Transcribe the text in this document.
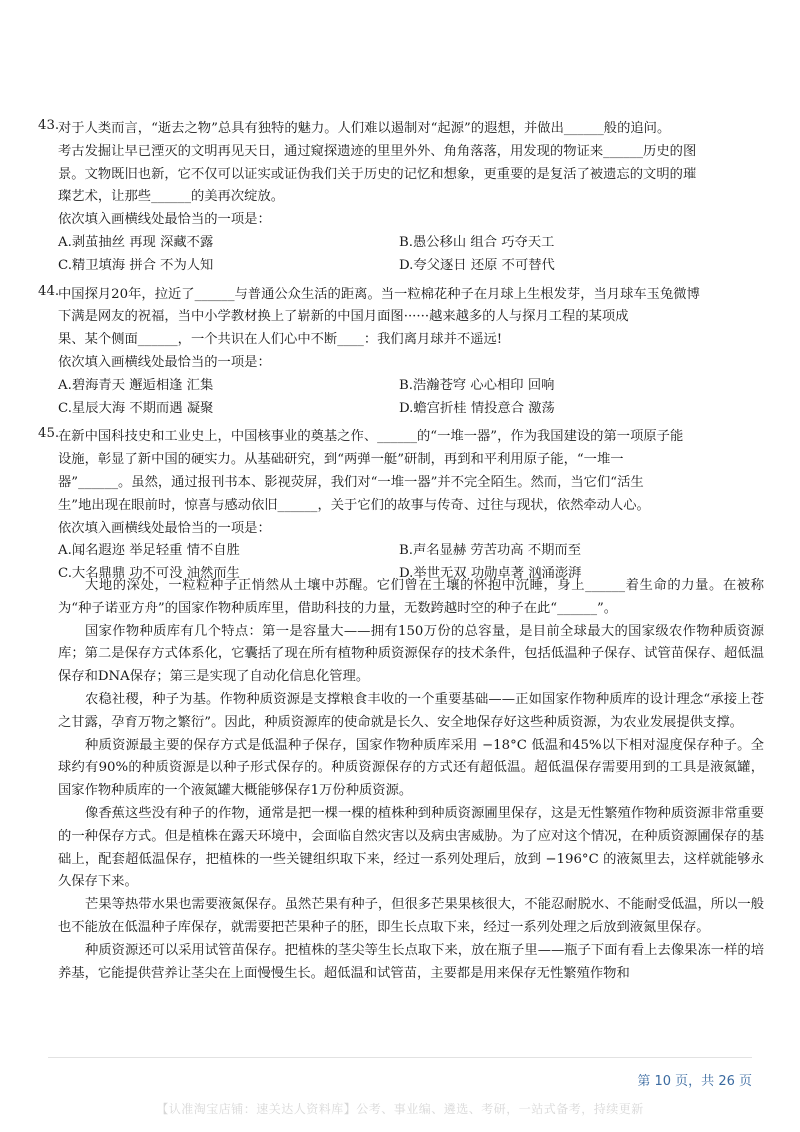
43.
对于人类而言，“逝去之物”总具有独特的魅力。人们难以遏制对“起源”的遐想，并做出______般的追问。
考古发掘让早已湮灭的文明再见天日，通过窥探遗迹的里里外外、角角落落，用发现的物证来______历史的图
景。文物既旧也新，它不仅可以证实或证伪我们关于历史的记忆和想象，更重要的是复活了被遗忘的文明的璀
璨艺术，让那些______的美再次绽放。
依次填入画横线处最恰当的一项是：
A.剥茧抽丝 再现 深藏不露	B.愚公移山 组合 巧夺天工
C.精卫填海 拼合 不为人知	D.夸父逐日 还原 不可替代
44.
中国探月20年，拉近了______与普通公众生活的距离。当一粒棉花种子在月球上生根发芽，当月球车玉兔微博
下满是网友的祝福，当中小学教材换上了崭新的中国月面图······越来越多的人与探月工程的某项成
果、某个侧面______，一个共识在人们心中不断____：我们离月球并不遥远!
依次填入画横线处最恰当的一项是：
A.碧海青天 邂逅相逢 汇集	B.浩瀚苍穹 心心相印 回响
C.星辰大海 不期而遇 凝聚	D.蟾宫折桂 情投意合 激荡
45.
在新中国科技史和工业史上，中国核事业的奠基之作、______的“一堆一器”，作为我国建设的第一项原子能
设施，彰显了新中国的硬实力。从基础研究，到“两弹一艇”研制，再到和平利用原子能，“一堆一
器”______。虽然，通过报刊书本、影视荧屏，我们对“一堆一器”并不完全陌生。然而，当它们“活生
生”地出现在眼前时，惊喜与感动依旧______，关于它们的故事与传奇、过往与现状，依然牵动人心。
依次填入画横线处最恰当的一项是：
A.闻名遐迩 举足轻重 情不自胜	B.声名显赫 劳苦功高 不期而至
C.大名鼎鼎 功不可没 油然而生	D.举世无双 功勋卓著 汹涌澎湃

大地的深处，一粒粒种子正悄然从土壤中苏醒。它们曾在土壤的怀抱中沉睡，身上______着生命的力量。在被称为“种子诺亚方舟”的国家作物种质库里，借助科技的力量，无数跨越时空的种子在此“______”。

国家作物种质库有几个特点：第一是容量大——拥有150万份的总容量，是目前全球最大的国家级农作物种质资源库；第二是保存方式体系化，它囊括了现在所有植物种质资源保存的技术条件，包括低温种子保存、试管苗保存、超低温保存和DNA保存；第三是实现了自动化信息化管理。

农稳社稷，种子为基。作物种质资源是支撑粮食丰收的一个重要基础——正如国家作物种质库的设计理念“承接上苍之甘露，孕育万物之繁衍”。因此，种质资源库的使命就是长久、安全地保存好这些种质资源，为农业发展提供支撑。

种质资源最主要的保存方式是低温种子保存，国家作物种质库采用 −18°C 低温和45%以下相对湿度保存种子。全球约有90%的种质资源是以种子形式保存的。种质资源保存的方式还有超低温。超低温保存需要用到的工具是液氮罐，国家作物种质库的一个液氮罐大概能够保存1万份种质资源。

像香蕉这些没有种子的作物，通常是把一棵一棵的植株种到种质资源圃里保存，这是无性繁殖作物种质资源非常重要的一种保存方式。但是植株在露天环境中，会面临自然灾害以及病虫害威胁。为了应对这个情况，在种质资源圃保存的基础上，配套超低温保存，把植株的一些关键组织取下来，经过一系列处理后，放到 −196°C 的液氮里去，这样就能够永久保存下来。

芒果等热带水果也需要液氮保存。虽然芒果有种子，但很多芒果果核很大，不能忍耐脱水、不能耐受低温，所以一般也不能放在低温种子库保存，就需要把芒果种子的胚，即生长点取下来，经过一系列处理之后放到液氮里保存。

种质资源还可以采用试管苗保存。把植株的茎尖等生长点取下来，放在瓶子里——瓶子下面有看上去像果冻一样的培养基，它能提供营养让茎尖在上面慢慢生长。超低温和试管苗，主要都是用来保存无性繁殖作物和

第 10 页，共 26 页
【认准淘宝店铺：速关达人资料库】公考、事业编、遴选、考研，一站式备考，持续更新
